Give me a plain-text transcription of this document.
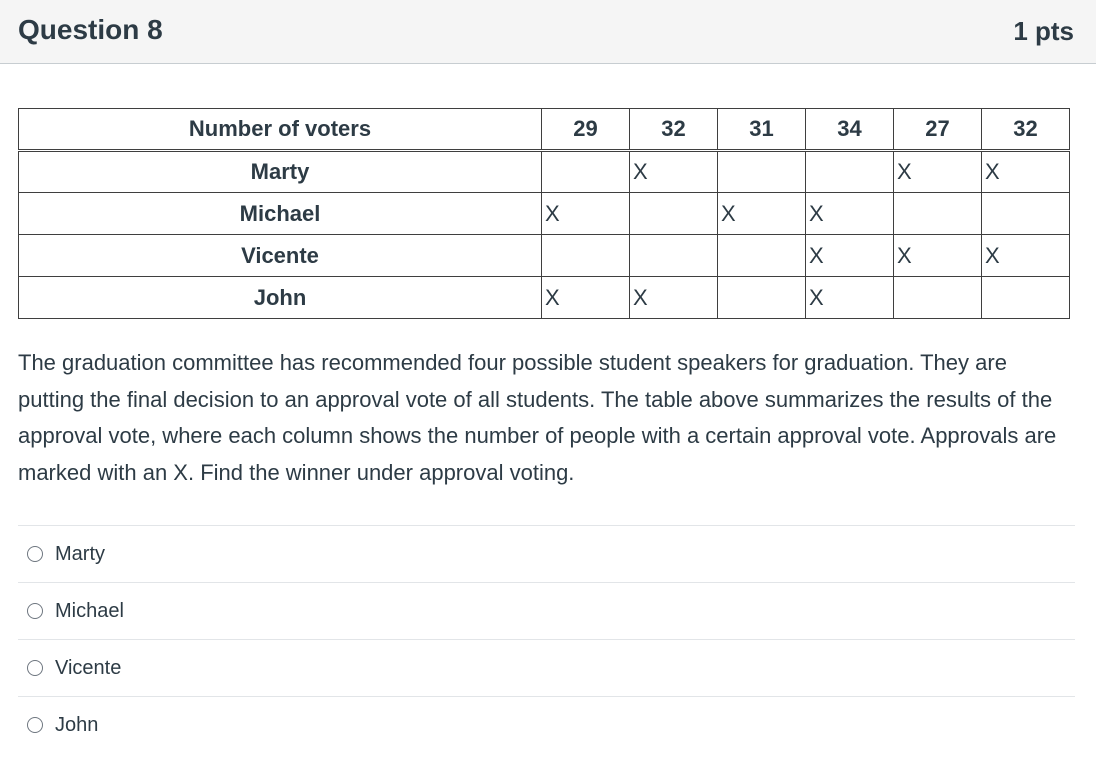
Question 8	1 pts
Number of voters	29	32	31	34	27	32
Marty		X			X	X
Michael	X		X	X		
Vicente				X	X	X
John	X	X		X		
The graduation committee has recommended four possible student speakers for graduation. They are putting the final decision to an approval vote of all students. The table above summarizes the results of the approval vote, where each column shows the number of people with a certain approval vote. Approvals are marked with an X. Find the winner under approval voting.
Marty
Michael
Vicente
John
